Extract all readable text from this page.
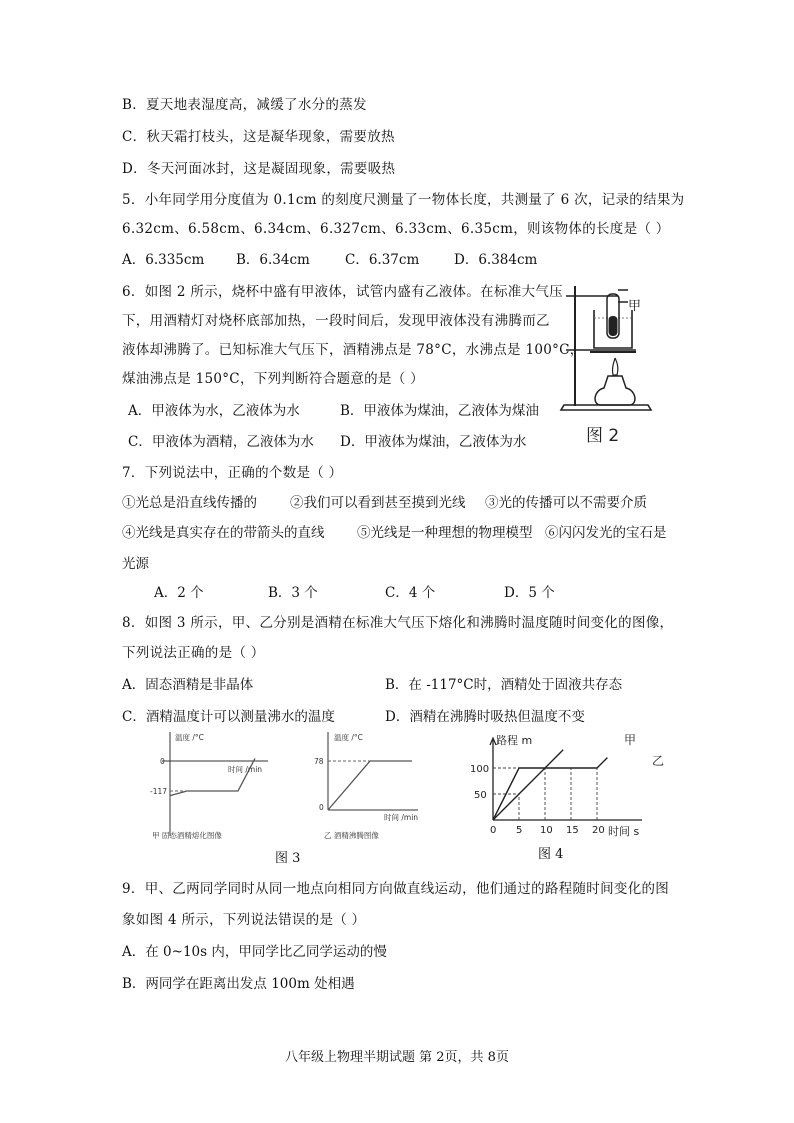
B．夏天地表湿度高，减缓了水分的蒸发
C．秋天霜打枝头，这是凝华现象，需要放热
D．冬天河面冰封，这是凝固现象，需要吸热
5．小年同学用分度值为 0.1cm 的刻度尺测量了一物体长度，共测量了 6 次，记录的结果为
6.32cm、6.58cm、6.34cm、6.327cm、6.33cm、6.35cm，则该物体的长度是（ ）
A．6.335cm B．6.34cm	C．6.37cm	D．6.384cm
6．如图 2 所示，烧杯中盛有甲液体，试管内盛有乙液体。在标准大气压
下，用酒精灯对烧杯底部加热，一段时间后，发现甲液体没有沸腾而乙
液体却沸腾了。已知标准大气压下，酒精沸点是 78°C，水沸点是 100°C，
煤油沸点是 150°C，下列判断符合题意的是（ ）
A．甲液体为水，乙液体为水	B．甲液体为煤油，乙液体为煤油
C．甲液体为酒精，乙液体为水 D．甲液体为煤油，乙液体为水
甲
图 2
7．下列说法中，正确的个数是（ ）
①光总是沿直线传播的 ②我们可以看到甚至摸到光线 ③光的传播可以不需要介质
④光线是真实存在的带箭头的直线 ⑤光线是一种理想的物理模型 ⑥闪闪发光的宝石是
光源
A．2 个	B．3 个	C．4 个	D．5 个
8．如图 3 所示，甲、乙分别是酒精在标准大气压下熔化和沸腾时温度随时间变化的图像，
下列说法正确的是（ ）
A．固态酒精是非晶体	B．在 -117°C时，酒精处于固液共存态
C．酒精温度计可以测量沸水的温度	D．酒精在沸腾时吸热但温度不变
温度 /°C
时间 /min
0
-117
甲 固态酒精熔化图像
温度 /°C
78
0
时间 /min
乙 酒精沸腾图像
图 3
路程 m	甲
乙
50
100
0 5 10 15 20 时间 s
图 4
9．甲、乙两同学同时从同一地点向相同方向做直线运动，他们通过的路程随时间变化的图
象如图 4 所示，下列说法错误的是（ ）
A．在 0~10s 内，甲同学比乙同学运动的慢
B．两同学在距离出发点 100m 处相遇
八年级上物理半期试题 第 2页，共 8页
